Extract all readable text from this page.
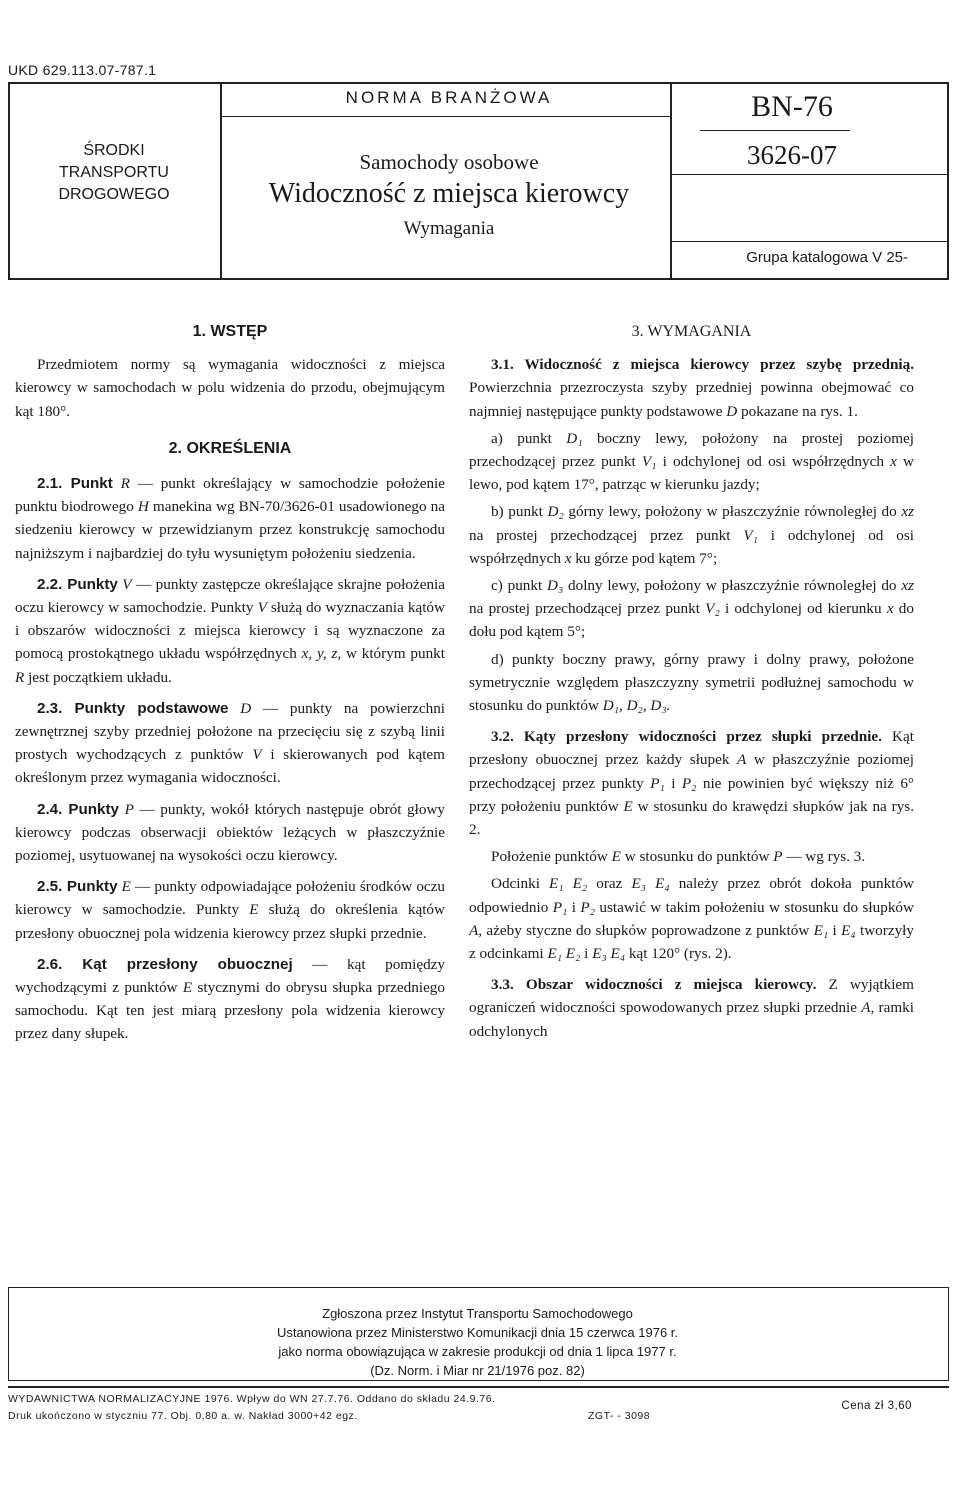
UKD 629.113.07-787.1
ŚRODKI
TRANSPORTU
DROGOWEGO
NORMA BRANŻOWA
Samochody osobowe
Widoczność z miejsca kierowcy
Wymagania
BN-76
3626-07
Grupa katalogowa V 25-

1. WSTĘP

Przedmiotem normy są wymagania widoczności z miejsca kierowcy w samochodach w polu widzenia do przodu, obejmującym kąt 180°.

2. OKREŚLENIA

2.1. Punkt R — punkt określający w samochodzie położenie punktu biodrowego H manekina wg BN-70/3626-01 usadowionego na siedzeniu kierowcy w przewidzianym przez konstrukcję samochodu najniższym i najbardziej do tyłu wysuniętym położeniu siedzenia.

2.2. Punkty V — punkty zastępcze określające skrajne położenia oczu kierowcy w samochodzie. Punkty V służą do wyznaczania kątów i obszarów widoczności z miejsca kierowcy i są wyznaczone za pomocą prostokątnego układu współrzędnych x, y, z, w którym punkt R jest początkiem układu.

2.3. Punkty podstawowe D — punkty na powierzchni zewnętrznej szyby przedniej położone na przecięciu się z szybą linii prostych wychodzących z punktów V i skierowanych pod kątem określonym przez wymagania widoczności.

2.4. Punkty P — punkty, wokół których następuje obrót głowy kierowcy podczas obserwacji obiektów leżących w płaszczyźnie poziomej, usytuowanej na wysokości oczu kierowcy.

2.5. Punkty E — punkty odpowiadające położeniu środków oczu kierowcy w samochodzie. Punkty E służą do określenia kątów przesłony obuocznej pola widzenia kierowcy przez słupki przednie.

2.6. Kąt przesłony obuocznej — kąt pomiędzy wychodzącymi z punktów E stycznymi do obrysu słupka przedniego samochodu. Kąt ten jest miarą przesłony pola widzenia kierowcy przez dany słupek.

3. WYMAGANIA

3.1. Widoczność z miejsca kierowcy przez szybę przednią. Powierzchnia przezroczysta szyby przedniej powinna obejmować co najmniej następujące punkty podstawowe D pokazane na rys. 1.

a) punkt D₁ boczny lewy, położony na prostej poziomej przechodzącej przez punkt V₁ i odchylonej od osi współrzędnych x w lewo, pod kątem 17°, patrząc w kierunku jazdy;

b) punkt D₂ górny lewy, położony w płaszczyźnie równoległej do xz na prostej przechodzącej przez punkt V₁ i odchylonej od osi współrzędnych x ku górze pod kątem 7°;

c) punkt D₃ dolny lewy, położony w płaszczyźnie równoległej do xz na prostej przechodzącej przez punkt V₂ i odchylonej od kierunku x do dołu pod kątem 5°;

d) punkty boczny prawy, górny prawy i dolny prawy, położone symetrycznie względem płaszczyzny symetrii podłużnej samochodu w stosunku do punktów D₁, D₂, D₃.

3.2. Kąty przesłony widoczności przez słupki przednie. Kąt przesłony obuocznej przez każdy słupek A w płaszczyźnie poziomej przechodzącej przez punkty P₁ i P₂ nie powinien być większy niż 6° przy położeniu punktów E w stosunku do krawędzi słupków jak na rys. 2.

Położenie punktów E w stosunku do punktów P — wg rys. 3.

Odcinki E₁ E₂ oraz E₃ E₄ należy przez obrót dokoła punktów odpowiednio P₁ i P₂ ustawić w takim położeniu w stosunku do słupków A, ażeby styczne do słupków poprowadzone z punktów E₁ i E₄ tworzyły z odcinkami E₁ E₂ i E₃ E₄ kąt 120° (rys. 2).

3.3. Obszar widoczności z miejsca kierowcy. Z wyjątkiem ograniczeń widoczności spowodowanych przez słupki przednie A, ramki odchylonych

Zgłoszona przez Instytut Transportu Samochodowego
Ustanowiona przez Ministerstwo Komunikacji dnia 15 czerwca 1976 r.
jako norma obowiązująca w zakresie produkcji od dnia 1 lipca 1977 r.
(Dz. Norm. i Miar nr 21/1976 poz. 82)
WYDAWNICTWA NORMALIZACYJNE 1976. Wpływ do WN 27.7.76. Oddano do składu 24.9.76.
Druk ukończono w styczniu 77. Obj. 0,80 a. w. Nakład 3000+42 egz.	ZGT- - 3098
Cena zł 3,60
